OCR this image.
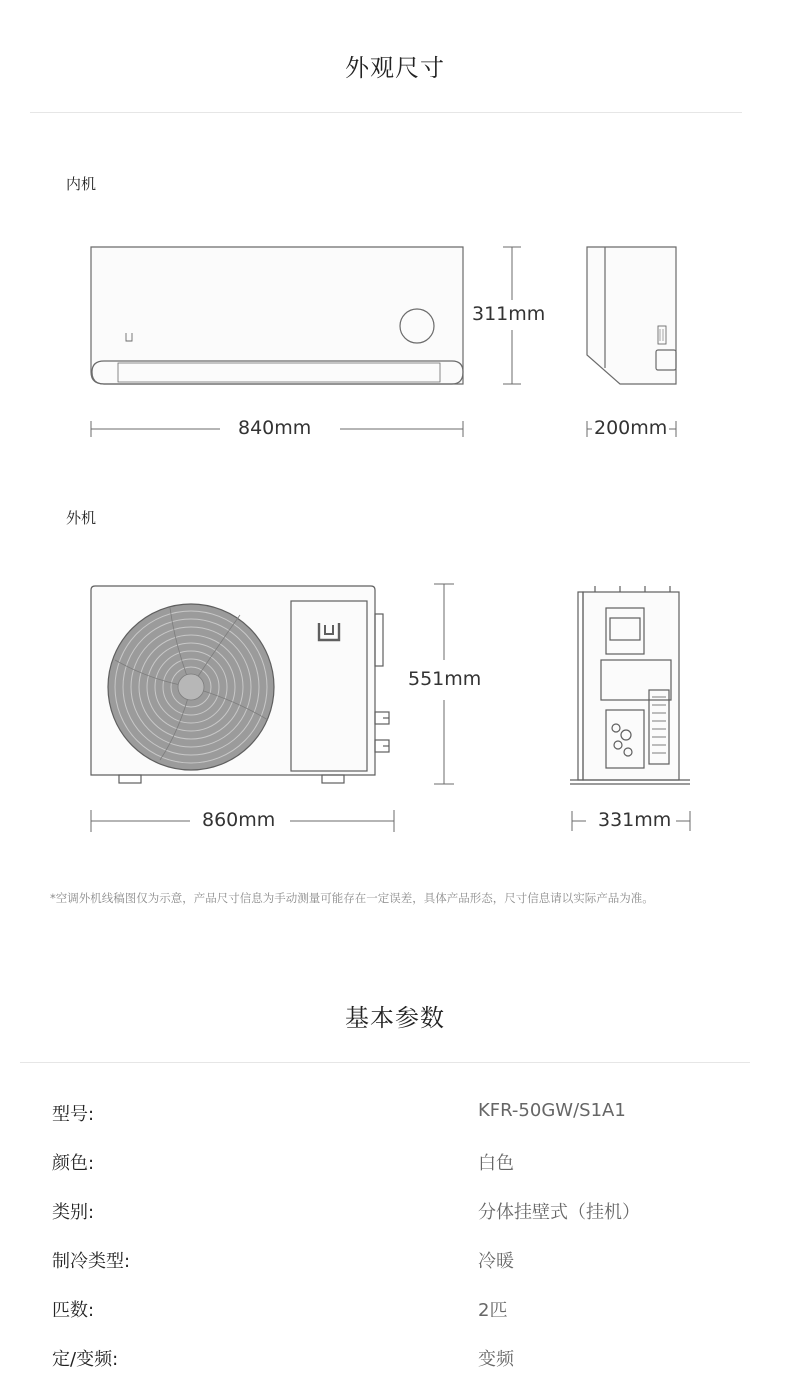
外观尺寸
内机
311mm
840mm	200mm
外机
551mm
860mm	331mm
*空调外机线稿图仅为示意，产品尺寸信息为手动测量可能存在一定误差，具体产品形态，尺寸信息请以实际产品为准。
基本参数
型号:	KFR-50GW/S1A1
颜色:	白色
类别:	分体挂壁式（挂机）
制冷类型:	冷暖
匹数:	2匹
定/变频:	变频
